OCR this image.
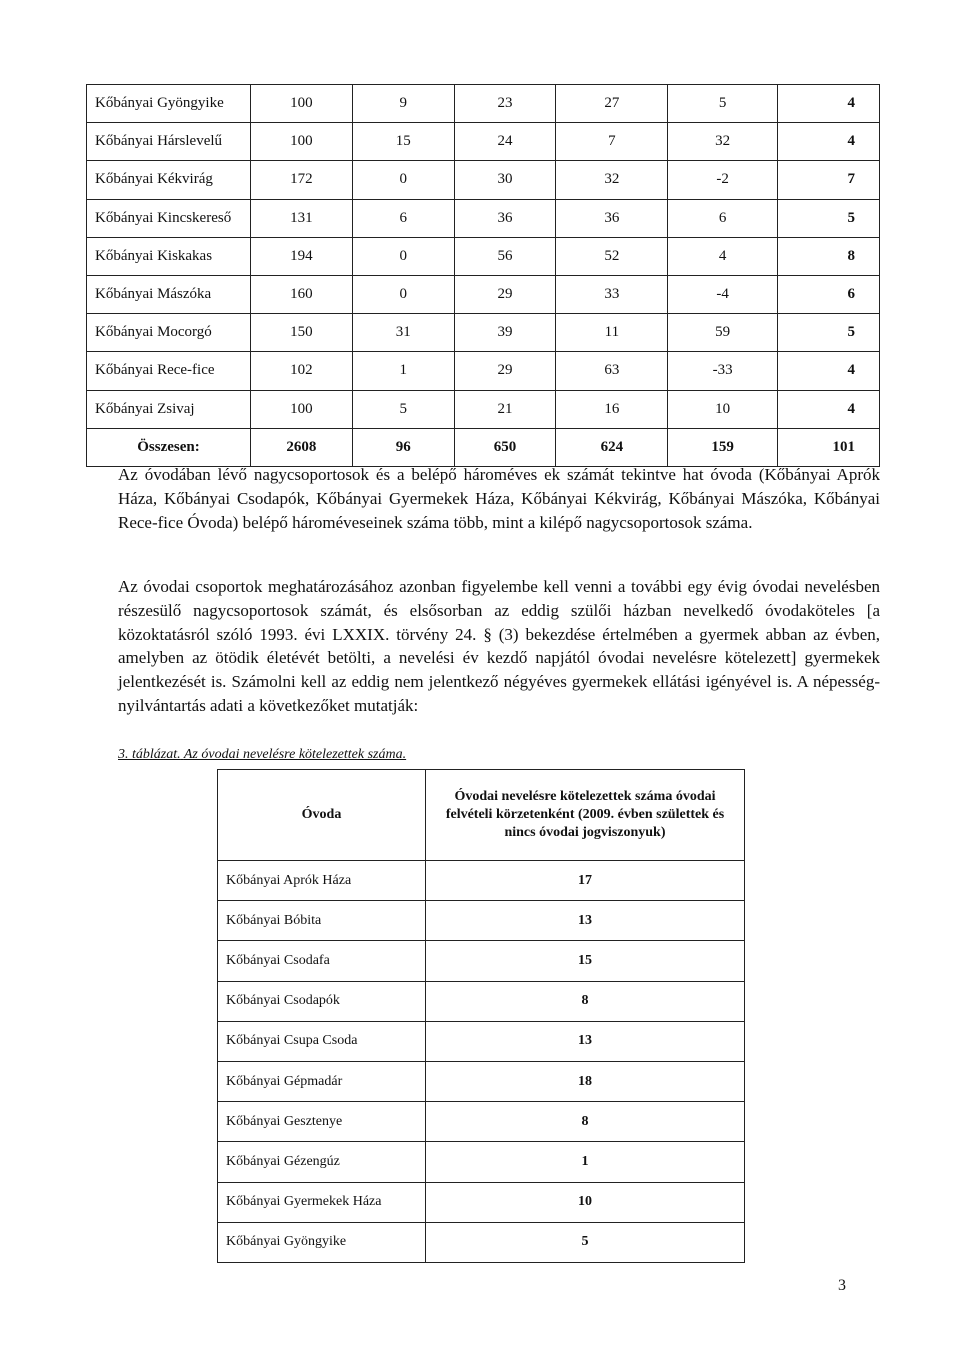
Kőbányai Gyöngyike	100	9	23	27	5	4
Kőbányai Hárslevelű	100	15	24	7	32	4
Kőbányai Kékvirág	172	0	30	32	-2	7
Kőbányai Kincskereső	131	6	36	36	6	5
Kőbányai Kiskakas	194	0	56	52	4	8
Kőbányai Mászóka	160	0	29	33	-4	6
Kőbányai Mocorgó	150	31	39	11	59	5
Kőbányai Rece-fice	102	1	29	63	-33	4
Kőbányai Zsivaj	100	5	21	16	10	4
Összesen:	2608	96	650	624	159	101

Az óvodában lévő nagycsoportosok és a belépő hároméves ek számát tekintve hat óvoda (Kőbányai Aprók Háza, Kőbányai Csodapók, Kőbányai Gyermekek Háza, Kőbányai Kékvirág, Kőbányai Mászóka, Kőbányai Rece-fice Óvoda) belépő hároméveseinek száma több, mint a kilépő nagycsoportosok száma.

Az óvodai csoportok meghatározásához azonban figyelembe kell venni a további egy évig óvodai nevelésben részesülő nagycsoportosok számát, és elsősorban az eddig szülői házban nevelkedő óvodaköteles [a közoktatásról szóló 1993. évi LXXIX. törvény 24. § (3) bekezdése értelmében a gyermek abban az évben, amelyben az ötödik életévét betölti, a nevelési év kezdő napjától óvodai nevelésre kötelezett] gyermekek jelentkezését is. Számolni kell az eddig nem jelentkező négyéves gyermekek ellátási igényével is. A népesség-nyilvántartás adati a következőket mutatják:

3. táblázat. Az óvodai nevelésre kötelezettek száma.

Óvoda	Óvodai nevelésre kötelezettek száma óvodai felvételi körzetenként (2009. évben születtek és nincs óvodai jogviszonyuk)
Kőbányai Aprók Háza	17
Kőbányai Bóbita	13
Kőbányai Csodafa	15
Kőbányai Csodapók	8
Kőbányai Csupa Csoda	13
Kőbányai Gépmadár	18
Kőbányai Gesztenye	8
Kőbányai Gézengúz	1
Kőbányai Gyermekek Háza	10
Kőbányai Gyöngyike	5

3
